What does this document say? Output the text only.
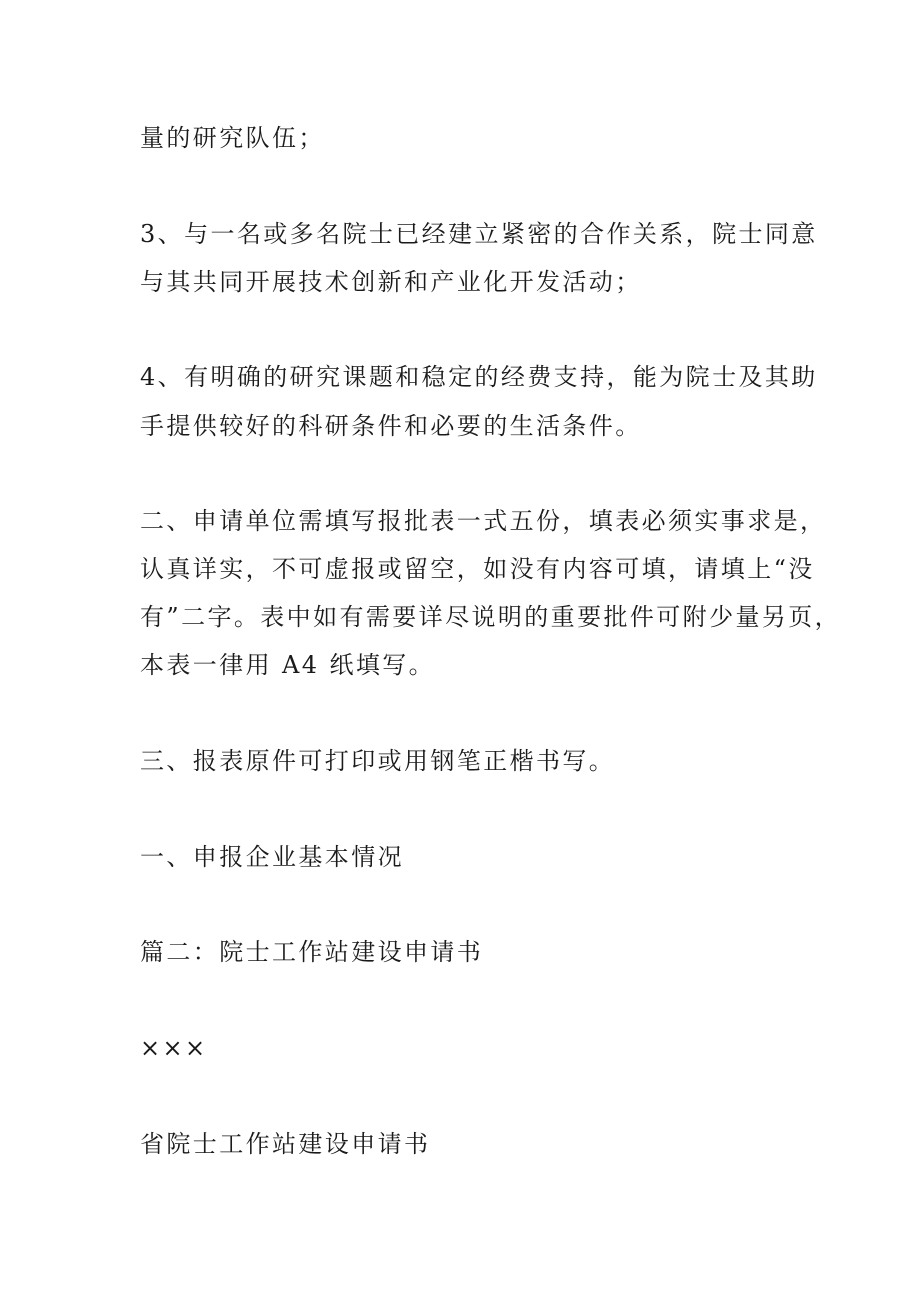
量的研究队伍；
3、与一名或多名院士已经建立紧密的合作关系，院士同意
与其共同开展技术创新和产业化开发活动；
4、有明确的研究课题和稳定的经费支持，能为院士及其助
手提供较好的科研条件和必要的生活条件。
二、申请单位需填写报批表一式五份，填表必须实事求是，
认真详实，不可虚报或留空，如没有内容可填，请填上“没
有”二字。表中如有需要详尽说明的重要批件可附少量另页，
本表一律用 A4 纸填写。
三、报表原件可打印或用钢笔正楷书写。
一、申报企业基本情况
篇二：院士工作站建设申请书
×××
省院士工作站建设申请书
